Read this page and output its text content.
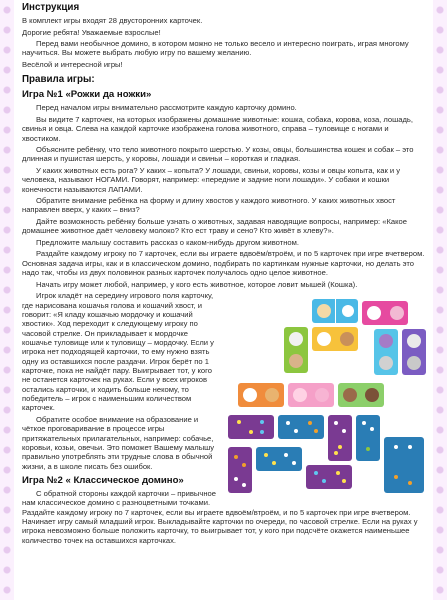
Инструкция

В комплект игры входят 28 двусторонних карточек.

Дорогие ребята! Уважаемые взрослые!

Перед вами необычное домино, в котором можно не только весело и интересно поиграть, играя многому научиться. Вы можете выбрать любую игру по вашему желанию.

Весёлой и интересной игры!

Правила игры:
Игра №1 «Рожки да ножки»

Перед началом игры внимательно рассмотрите каждую карточку домино.

Вы видите 7 карточек, на которых изображены домашние животные: кошка, собака, корова, коза, лошадь, свинья и овца. Слева на каждой карточке изображена голова животного, справа – туловище с ногами и хвостиком.

Объясните ребёнку, что тело животного покрыто шерстью. У козы, овцы, большинства кошек и собак – это длинная и пушистая шерсть, у коровы, лошади и свиньи – короткая и гладкая.

У каких животных есть рога? У каких – копыта? У лошади, свиньи, коровы, козы и овцы копыта, как и у человека, называют НОГАМИ. Говорят, например: «передние и задние ноги лошади». У собаки и кошки конечности называются ЛАПАМИ.

Обратите внимание ребёнка на форму и длину хвостов у каждого животного. У каких животных хвост направлен вверх, у каких – вниз?

Дайте возможность ребёнку больше узнать о животных, задавая наводящие вопросы, например: «Какое домашнее животное даёт человеку молоко? Кто ест траву и сено? Кто живёт в хлеву?».

Предложите малышу составить рассказ о каком-нибудь другом животном.

Раздайте каждому игроку по 7 карточек, если вы играете вдвоём/втроём, и по 5 карточек при игре вчетвером. Основная задача игры, как и в классическом домино, подбирать по картинкам нужные карточки, но делать это надо так, чтобы из двух половинок разных карточек получалось одно целое животное.

Начать игру может любой, например, у кого есть животное, которое ловит мышей (Кошка).

Игрок кладёт на середину игрового поля карточку, где нарисована кошачья голова и кошачий хвост, и говорит: «Я кладу кошачью мордочку и кошачий хвостик». Ход переходит к следующему игроку по часовой стрелке. Он прикладывает к мордочке кошачье туловище или к туловищу – мордочку. Если у игрока нет подходящей карточки, то ему нужно взять одну из оставшихся после раздачи. Игрок берёт по 1 карточке, пока не найдёт пару. Выигрывает тот, у кого не останется карточек на руках. Если у всех игроков остались карточки, и ходить больше некому, то победитель – игрок с наименьшим количеством карточек.

Обратите особое внимание на образование и чёткое проговаривание в процессе игры притяжательных прилагательных, например: собачье, коровьи, козьи, овечьи. Это поможет Вашему малышу правильно употреблять эти трудные слова в обычной жизни, а в школе писать без ошибок.

Игра №2 « Классическое домино»

С обратной стороны каждой карточки – привычное нам классическое домино с разноцветными точками. Раздайте каждому игроку по 7 карточек, если вы играете вдвоём/втроём, и по 5 карточек при игре вчетвером. Начинает игру самый младший игрок. Выкладывайте карточки по очереди, по часовой стрелке. Если на руках у игрока невозможно больше положить карточку, то выигрывает тот, у кого при подсчёте окажется наименьшее количество точек на оставшихся карточках.
